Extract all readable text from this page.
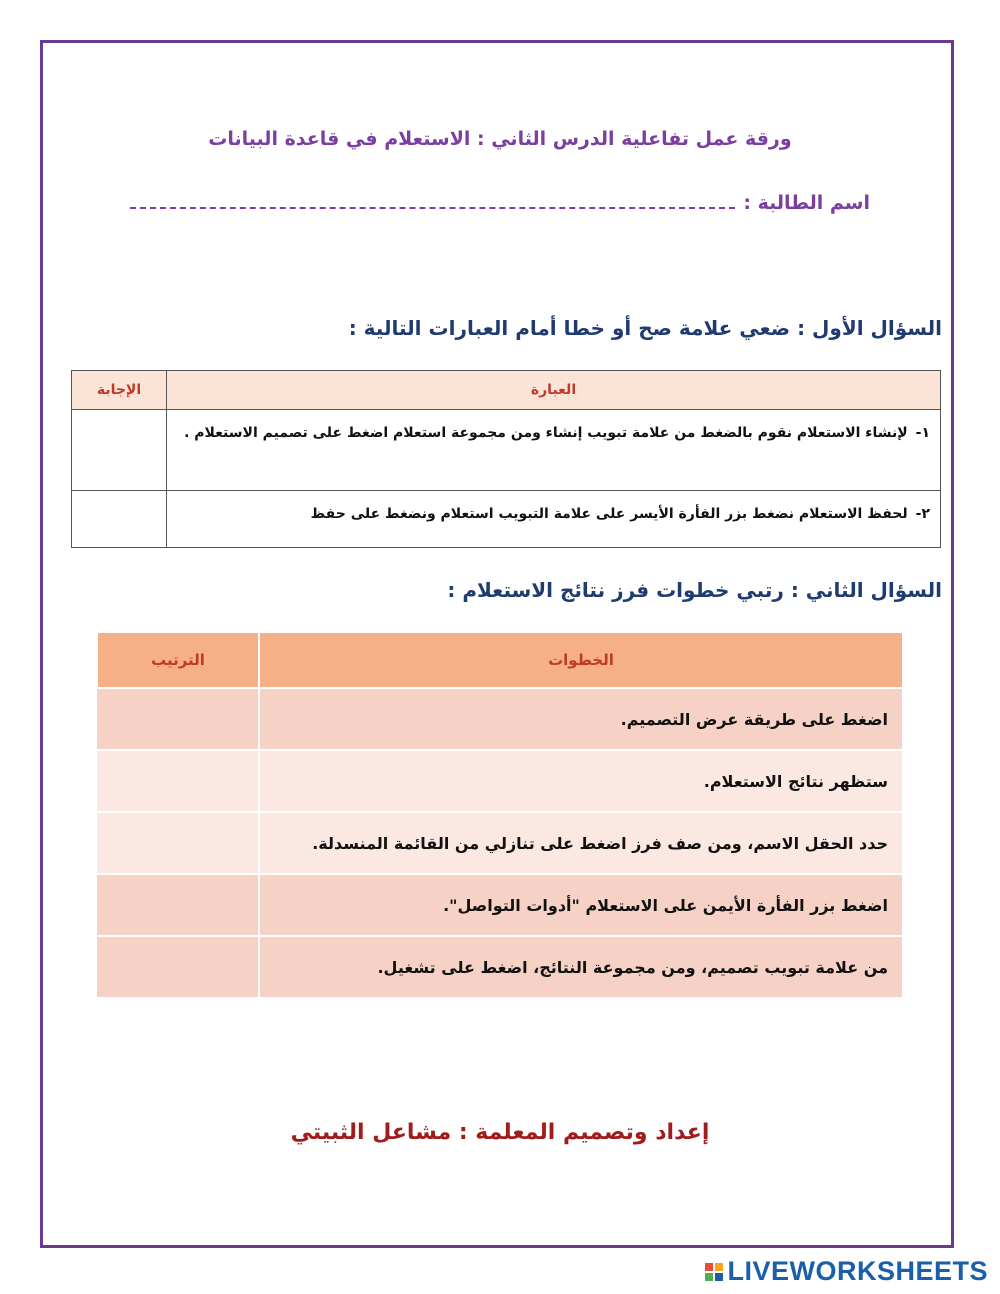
ورقة عمل تفاعلية الدرس الثاني : الاستعلام في قاعدة البيانات
اسم الطالبة :
السؤال الأول : ضعي علامة صح أو خطا أمام العبارات التالية :
العبارة	الإجابة
١-لإنشاء الاستعلام نقوم بالضغط من علامة تبويب إنشاء ومن مجموعة استعلام اضغط على تصميم الاستعلام .	
٢-لحفظ الاستعلام نضغط بزر الفأرة الأيسر على علامة التبويب استعلام ونضغط على حفظ	
السؤال الثاني : رتبي خطوات فرز نتائج الاستعلام :
الخطوات	الترتيب
اضغط على طريقة عرض التصميم.	
ستظهر نتائج الاستعلام.	
حدد الحقل الاسم، ومن صف فرز اضغط على تنازلي من القائمة المنسدلة.	
اضغط بزر الفأرة الأيمن على الاستعلام "أدوات التواصل".	
من علامة تبويب تصميم، ومن مجموعة النتائج، اضغط على تشغيل.	
إعداد وتصميم المعلمة : مشاعل الثبيتي
LIVEWORKSHEETS
